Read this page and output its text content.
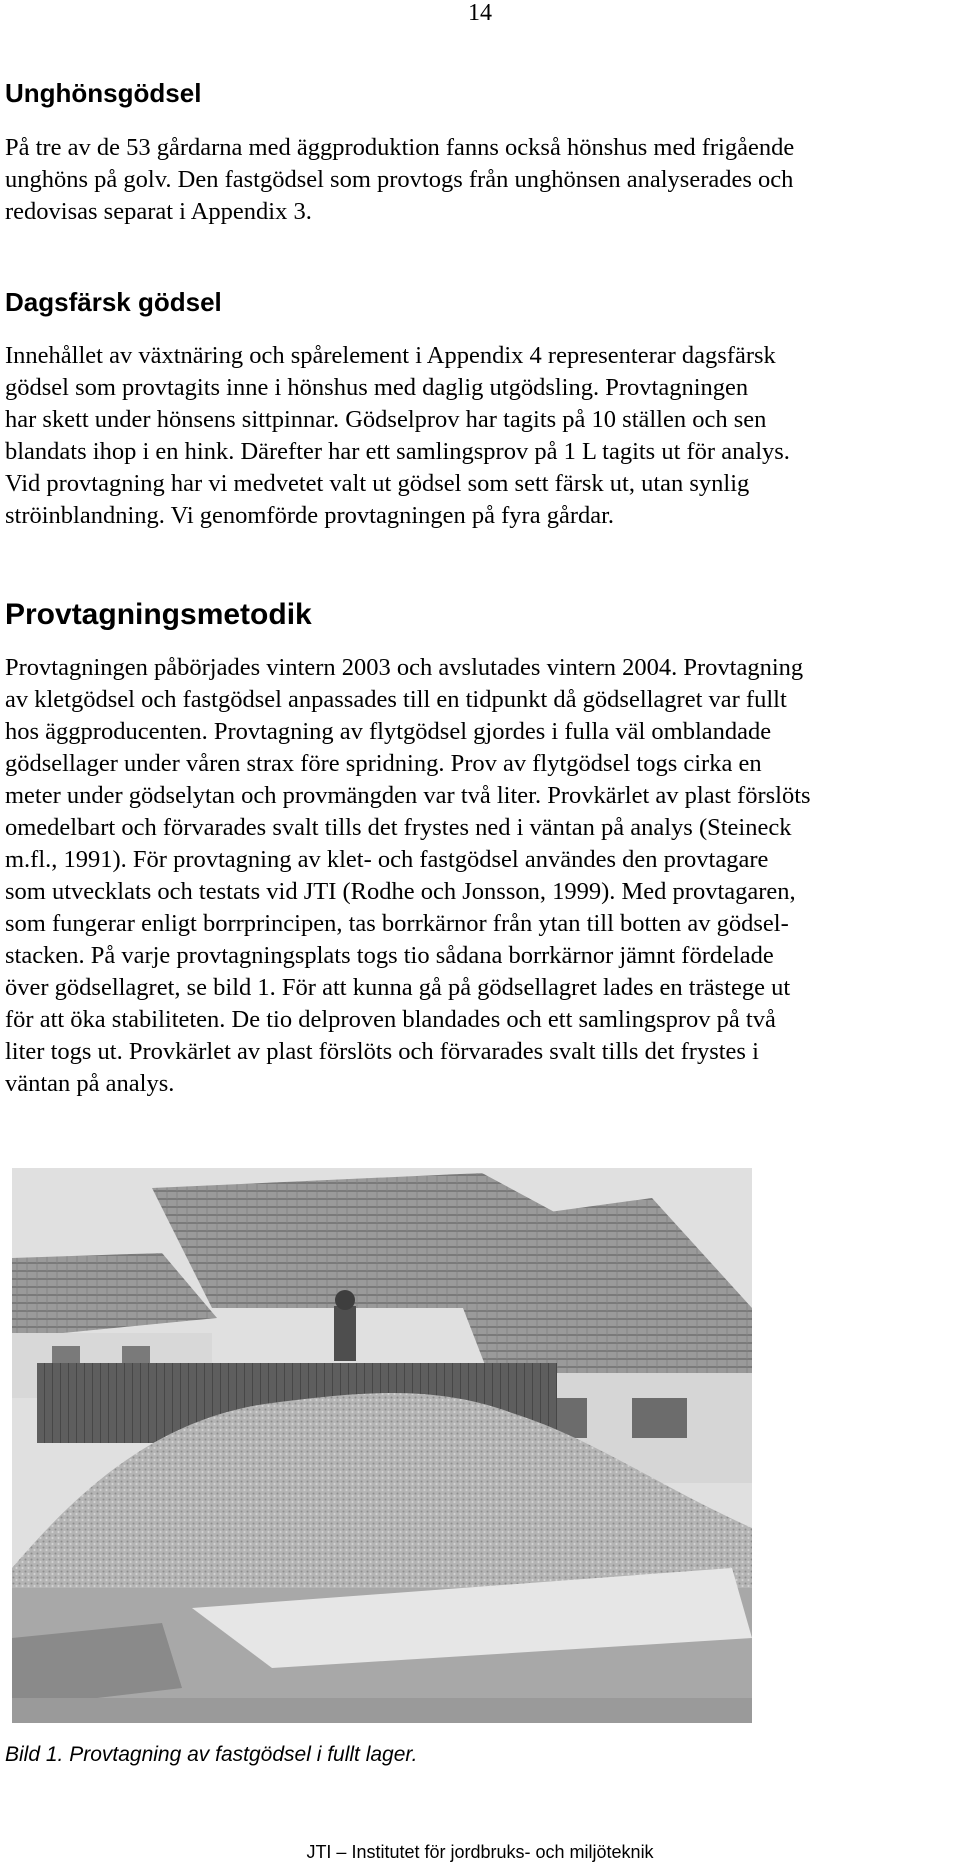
14
Unghönsgödsel
På tre av de 53 gårdarna med äggproduktion fanns också hönshus med frigående
unghöns på golv. Den fastgödsel som provtogs från unghönsen analyserades och
redovisas separat i Appendix 3.
Dagsfärsk gödsel
Innehållet av växtnäring och spårelement i Appendix 4 representerar dagsfärsk
gödsel som provtagits inne i hönshus med daglig utgödsling. Provtagningen
har skett under hönsens sittpinnar. Gödselprov har tagits på 10 ställen och sen
blandats ihop i en hink. Därefter har ett samlingsprov på 1 L tagits ut för analys.
Vid provtagning har vi medvetet valt ut gödsel som sett färsk ut, utan synlig
ströinblandning. Vi genomförde provtagningen på fyra gårdar.
Provtagningsmetodik
Provtagningen påbörjades vintern 2003 och avslutades vintern 2004. Provtagning
av kletgödsel och fastgödsel anpassades till en tidpunkt då gödsellagret var fullt
hos äggproducenten. Provtagning av flytgödsel gjordes i fulla väl omblandade
gödsellager under våren strax före spridning. Prov av flytgödsel togs cirka en
meter under gödselytan och provmängden var två liter. Provkärlet av plast förslöts
omedelbart och förvarades svalt tills det frystes ned i väntan på analys (Steineck
m.fl., 1991). För provtagning av klet- och fastgödsel användes den provtagare
som utvecklats och testats vid JTI (Rodhe och Jonsson, 1999). Med provtagaren,
som fungerar enligt borrprincipen, tas borrkärnor från ytan till botten av gödsel-
stacken. På varje provtagningsplats togs tio sådana borrkärnor jämnt fördelade
över gödsellagret, se bild 1. För att kunna gå på gödsellagret lades en trästege ut
för att öka stabiliteten. De tio delproven blandades och ett samlingsprov på två
liter togs ut. Provkärlet av plast förslöts och förvarades svalt tills det frystes i
väntan på analys.

Bild 1. Provtagning av fastgödsel i fullt lager.

JTI – Institutet för jordbruks- och miljöteknik
